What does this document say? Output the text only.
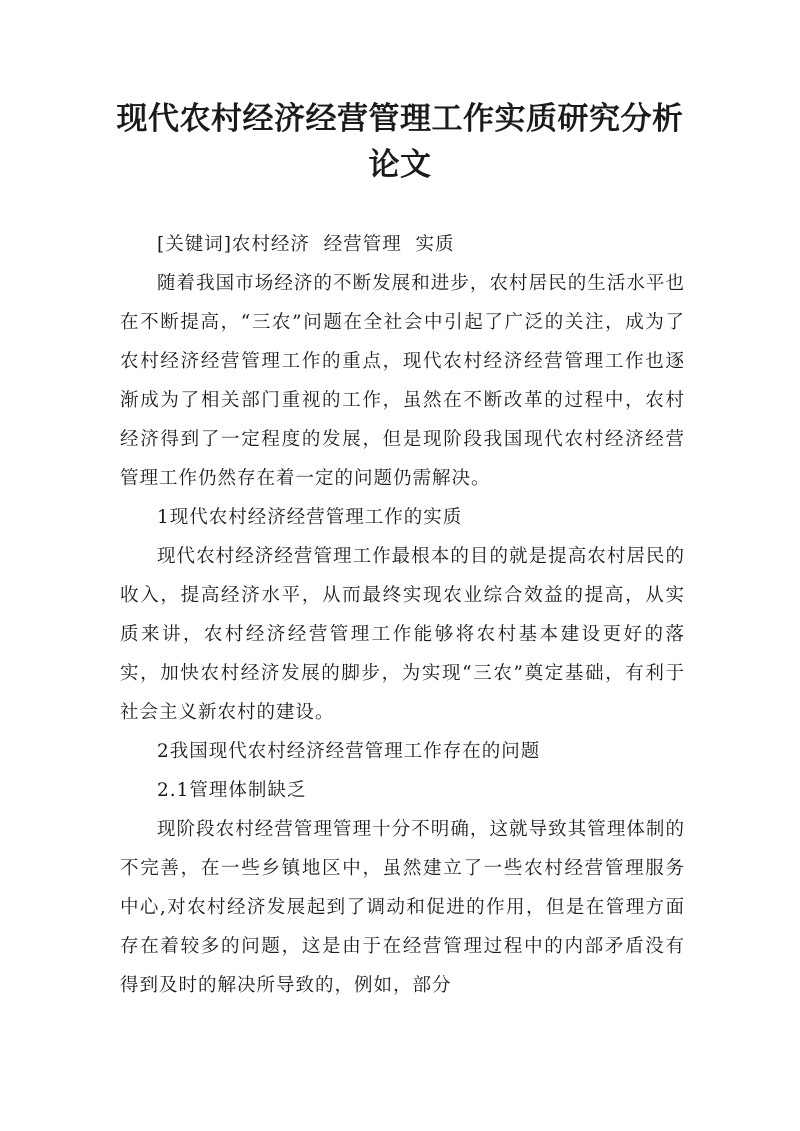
现代农村经济经营管理工作实质研究分析
论文

[关键词]农村经济  经营管理  实质

随着我国市场经济的不断发展和进步，农村居民的生活水平也在不断提高，“三农”问题在全社会中引起了广泛的关注，成为了农村经济经营管理工作的重点，现代农村经济经营管理工作也逐渐成为了相关部门重视的工作，虽然在不断改革的过程中，农村经济得到了一定程度的发展，但是现阶段我国现代农村经济经营管理工作仍然存在着一定的问题仍需解决。

1现代农村经济经营管理工作的实质

现代农村经济经营管理工作最根本的目的就是提高农村居民的收入，提高经济水平，从而最终实现农业综合效益的提高，从实质来讲，农村经济经营管理工作能够将农村基本建设更好的落实，加快农村经济发展的脚步，为实现“三农”奠定基础，有利于社会主义新农村的建设。

2我国现代农村经济经营管理工作存在的问题

2.1管理体制缺乏

现阶段农村经营管理管理十分不明确，这就导致其管理体制的不完善，在一些乡镇地区中，虽然建立了一些农村经营管理服务中心,对农村经济发展起到了调动和促进的作用，但是在管理方面存在着较多的问题，这是由于在经营管理过程中的内部矛盾没有得到及时的解决所导致的，例如，部分
